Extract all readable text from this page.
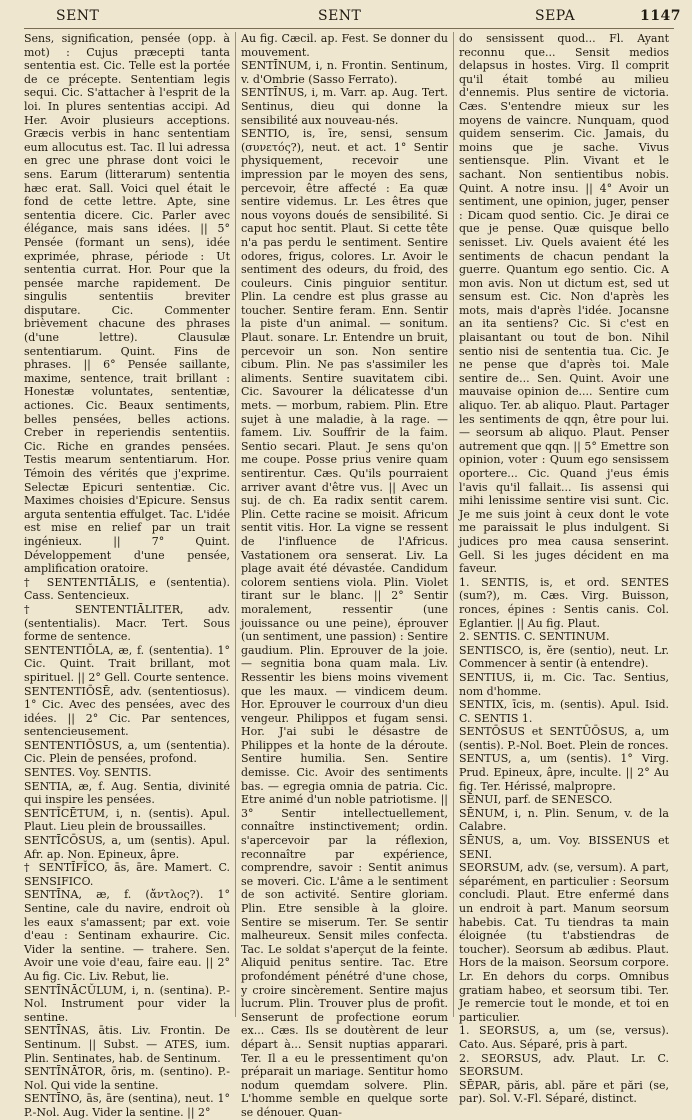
SENT	SENT	SEPA	1147

Sens, signification, pensée (opp. à mot) : Cujus præcepti tanta sententia est. Cic. Telle est la portée de ce précepte. Sententiam legis sequi. Cic. S'attacher à l'esprit de la loi. In plures sententias accipi. Ad Her. Avoir plusieurs acceptions. Græcis verbis in hanc sententiam eum allocutus est. Tac. Il lui adressa en grec une phrase dont voici le sens. Earum (litterarum) sententia hæc erat. Sall. Voici quel était le fond de cette lettre. Apte, sine sententia dicere. Cic. Parler avec élégance, mais sans idées. || 5° Pensée (formant un sens), idée exprimée, phrase, période : Ut sententia currat. Hor. Pour que la pensée marche rapidement. De singulis sententiis breviter disputare. Cic. Commenter brièvement chacune des phrases (d'une lettre). Clausulæ sententiarum. Quint. Fins de phrases. || 6° Pensée saillante, maxime, sentence, trait brillant : Honestæ voluntates, sententiæ, actiones. Cic. Beaux sentiments, belles pensées, belles actions. Creber in reperiendis sententiis. Cic. Riche en grandes pensées. Testis mearum sententiarum. Hor. Témoin des vérités que j'exprime. Selectæ Epicuri sententiæ. Cic. Maximes choisies d'Epicure. Sensus arguta sententia effulget. Tac. L'idée est mise en relief par un trait ingénieux. || 7° Quint. Développement d'une pensée, amplification oratoire.

† SENTENTIĀLIS, e (sententia). Cass. Sentencieux.

† SENTENTIĀLITER, adv. (sententialis). Macr. Tert. Sous forme de sentence.

SENTENTIŎLA, æ, f. (sententia). 1° Cic. Quint. Trait brillant, mot spirituel. || 2° Gell. Courte sentence.

SENTENTIŌSĒ, adv. (sententiosus). 1° Cic. Avec des pensées, avec des idées. || 2° Cic. Par sentences, sentencieusement.

SENTENTIŌSUS, a, um (sententia). Cic. Plein de pensées, profond.

SENTES. Voy. SENTIS.

SENTIA, æ, f. Aug. Sentia, divinité qui inspire les pensées.

SENTĬCĒTUM, i, n. (sentis). Apul. Plaut. Lieu plein de broussailles.

SENTĪCŌSUS, a, um (sentis). Apul. Afr. ap. Non. Epineux, âpre.

† SENTĪFĬCO, ās, āre. Mamert. C. SENSIFICO.

SENTĪNA, æ, f. (ἄντλος?). 1° Sentine, cale du navire, endroit où les eaux s'amassent; par ext. voie d'eau : Sentinam exhaurire. Cic. Vider la sentine. — trahere. Sen. Avoir une voie d'eau, faire eau. || 2° Au fig. Cic. Liv. Rebut, lie.

SENTĪNĀCŬLUM, i, n. (sentina). P.-Nol. Instrument pour vider la sentine.

SENTĪNAS, ātis. Liv. Frontin. De Sentinum. || Subst. — ATES, ium. Plin. Sentinates, hab. de Sentinum.

SENTĪNĀTOR, ōris, m. (sentino). P.-Nol. Qui vide la sentine.

SENTĪNO, ās, āre (sentina), neut. 1° P.-Nol. Aug. Vider la sentine. || 2°

Au fig. Cæcil. ap. Fest. Se donner du mouvement.

SENTĪNUM, i, n. Frontin. Sentinum, v. d'Ombrie (Sasso Ferrato).

SENTĪNUS, i, m. Varr. ap. Aug. Tert. Sentinus, dieu qui donne la sensibilité aux nouveau-nés.

SENTIO, is, īre, sensi, sensum (συνετός?), neut. et act. 1° Sentir physiquement, recevoir une impression par le moyen des sens, percevoir, être affecté : Ea quæ sentire videmus. Lr. Les êtres que nous voyons doués de sensibilité. Si caput hoc sentit. Plaut. Si cette tête n'a pas perdu le sentiment. Sentire odores, frigus, colores. Lr. Avoir le sentiment des odeurs, du froid, des couleurs. Cinis pinguior sentitur. Plin. La cendre est plus grasse au toucher. Sentire feram. Enn. Sentir la piste d'un animal. — sonitum. Plaut. sonare. Lr. Entendre un bruit, percevoir un son. Non sentire cibum. Plin. Ne pas s'assimiler les aliments. Sentire suavitatem cibi. Cic. Savourer la délicatesse d'un mets. — morbum, rabiem. Plin. Etre sujet à une maladie, à la rage. — famem. Liv. Souffrir de la faim. Sentio secari. Plaut. Je sens qu'on me coupe. Posse prius venire quam sentirentur. Cæs. Qu'ils pourraient arriver avant d'être vus. || Avec un suj. de ch. Ea radix sentit carem. Plin. Cette racine se moisit. Africum sentit vitis. Hor. La vigne se ressent de l'influence de l'Africus. Vastationem ora senserat. Liv. La plage avait été dévastée. Candidum colorem sentiens viola. Plin. Violet tirant sur le blanc. || 2° Sentir moralement, ressentir (une jouissance ou une peine), éprouver (un sentiment, une passion) : Sentire gaudium. Plin. Eprouver de la joie. — segnitia bona quam mala. Liv. Ressentir les biens moins vivement que les maux. — vindicem deum. Hor. Eprouver le courroux d'un dieu vengeur. Philippos et fugam sensi. Hor. J'ai subi le désastre de Philippes et la honte de la déroute. Sentire humilia. Sen. Sentire demisse. Cic. Avoir des sentiments bas. — egregia omnia de patria. Cic. Etre animé d'un noble patriotisme. || 3° Sentir intellectuellement, connaître instinctivement; ordin. s'apercevoir par la réflexion, reconnaître par expérience, comprendre, savoir : Sentit animus se moveri. Cic. L'âme a le sentiment de son activité. Sentire gloriam. Plin. Etre sensible à la gloire. Sentire se miserum. Ter. Se sentir malheureux. Sensit miles confecta. Tac. Le soldat s'aperçut de la feinte. Aliquid penitus sentire. Tac. Etre profondément pénétré d'une chose, y croire sincèrement. Sentire majus lucrum. Plin. Trouver plus de profit. Senserunt de profectione eorum ex... Cæs. Ils se doutèrent de leur départ à... Sensit nuptias apparari. Ter. Il a eu le pressentiment qu'on préparait un mariage. Sentitur homo nodum quemdam solvere. Plin. L'homme semble en quelque sorte se dénouer. Quan-

do sensissent quod... Fl. Ayant reconnu que... Sensit medios delapsus in hostes. Virg. Il comprit qu'il était tombé au milieu d'ennemis. Plus sentire de victoria. Cæs. S'entendre mieux sur les moyens de vaincre. Nunquam, quod quidem senserim. Cic. Jamais, du moins que je sache. Vivus sentiensque. Plin. Vivant et le sachant. Non sentientibus nobis. Quint. A notre insu. || 4° Avoir un sentiment, une opinion, juger, penser : Dicam quod sentio. Cic. Je dirai ce que je pense. Quæ quisque bello senisset. Liv. Quels avaient été les sentiments de chacun pendant la guerre. Quantum ego sentio. Cic. A mon avis. Non ut dictum est, sed ut sensum est. Cic. Non d'après les mots, mais d'après l'idée. Jocansne an ita sentiens? Cic. Si c'est en plaisantant ou tout de bon. Nihil sentio nisi de sententia tua. Cic. Je ne pense que d'après toi. Male sentire de... Sen. Quint. Avoir une mauvaise opinion de.... Sentire cum aliquo. Ter. ab aliquo. Plaut. Partager les sentiments de qqn, être pour lui. — seorsum ab aliquo. Plaut. Penser autrement que qqn. || 5° Emettre son opinion, voter : Quum ego sensissem oportere... Cic. Quand j'eus émis l'avis qu'il fallait... Iis assensi qui mihi lenissime sentire visi sunt. Cic. Je me suis joint à ceux dont le vote me paraissait le plus indulgent. Si judices pro mea causa senserint. Gell. Si les juges décident en ma faveur.

1. SENTIS, is, et ord. SENTES (sum?), m. Cæs. Virg. Buisson, ronces, épines : Sentis canis. Col. Eglantier. || Au fig. Plaut.

2. SENTIS. C. SENTINUM.

SENTISCO, is, ĕre (sentio), neut. Lr. Commencer à sentir (à entendre).

SENTIUS, ii, m. Cic. Tac. Sentius, nom d'homme.

SENTIX, īcis, m. (sentis). Apul. Isid. C. SENTIS 1.

SENTŌSUS et SENTŪŌSUS, a, um (sentis). P.-Nol. Boet. Plein de ronces.

SENTUS, a, um (sentis). 1° Virg. Prud. Epineux, âpre, inculte. || 2° Au fig. Ter. Hérissé, malpropre.

SĒNUI, parf. de SENESCO.

SĒNUM, i, n. Plin. Senum, v. de la Calabre.

SĒNUS, a, um. Voy. BISSENUS et SENI.

SEORSUM, adv. (se, versum). A part, séparément, en particulier : Seorsum concludi. Plaut. Etre enfermé dans un endroit à part. Manum seorsum habebis. Cat. Tu tiendras ta main éloignée (tu t'abstiendras de toucher). Seorsum ab ædibus. Plaut. Hors de la maison. Seorsum corpore. Lr. En dehors du corps. Omnibus gratiam habeo, et seorsum tibi. Ter. Je remercie tout le monde, et toi en particulier.

1. SEORSUS, a, um (se, versus). Cato. Aus. Séparé, pris à part.

2. SEORSUS, adv. Plaut. Lr. C. SEORSUM.

SĒPAR, păris, abl. păre et pări (se, par). Sol. V.-Fl. Séparé, distinct.
